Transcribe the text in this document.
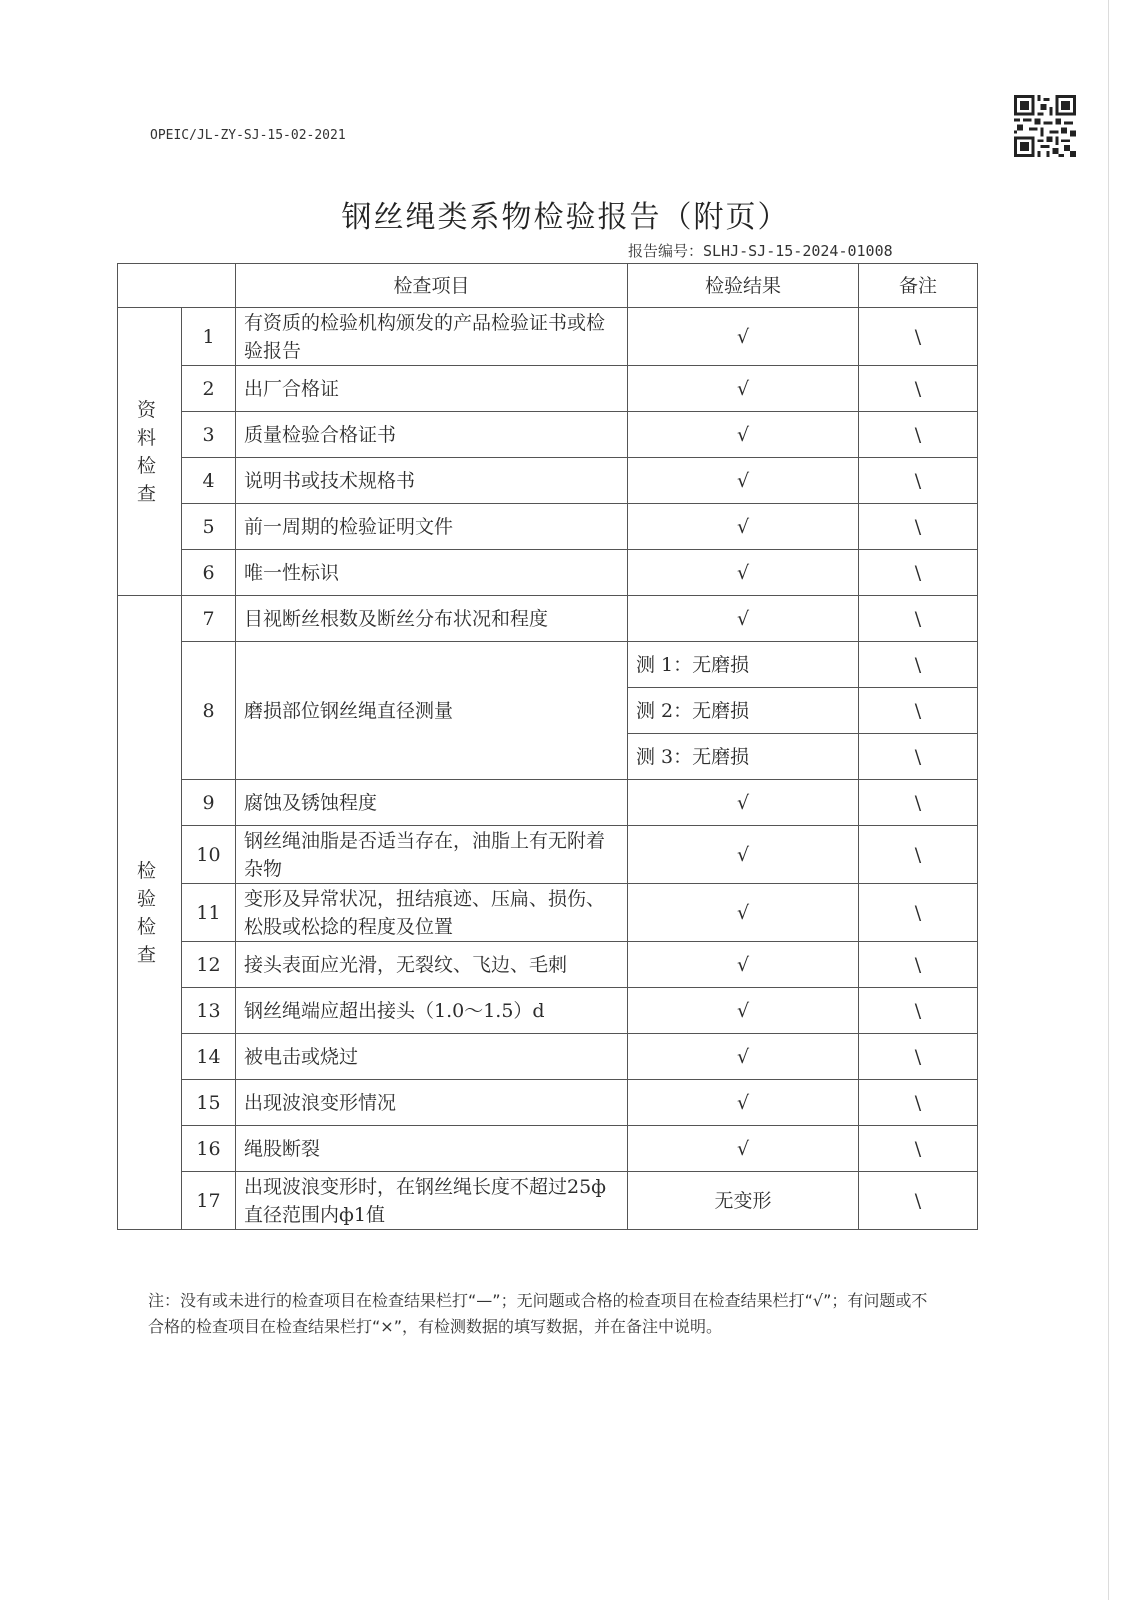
OPEIC/JL-ZY-SJ-15-02-2021
钢丝绳类系物检验报告（附页）
报告编号：SLHJ-SJ-15-2024-01008
		检查项目	检验结果	备注
资料检查	1	有资质的检验机构颁发的产品检验证书或检验报告	√	\
	2	出厂合格证	√	\
	3	质量检验合格证书	√	\
	4	说明书或技术规格书	√	\
	5	前一周期的检验证明文件	√	\
	6	唯一性标识	√	\
检验检查	7	目视断丝根数及断丝分布状况和程度	√	\
	8	磨损部位钢丝绳直径测量	测 1：无磨损	\
			测 2：无磨损	\
			测 3：无磨损	\
	9	腐蚀及锈蚀程度	√	\
	10	钢丝绳油脂是否适当存在，油脂上有无附着杂物	√	\
	11	变形及异常状况，扭结痕迹、压扁、损伤、松股或松捻的程度及位置	√	\
	12	接头表面应光滑，无裂纹、飞边、毛刺	√	\
	13	钢丝绳端应超出接头（1.0～1.5）d	√	\
	14	被电击或烧过	√	\
	15	出现波浪变形情况	√	\
	16	绳股断裂	√	\
	17	出现波浪变形时，在钢丝绳长度不超过25ф直径范围内ф1值	无变形	\
注：没有或未进行的检查项目在检查结果栏打“—”；无问题或合格的检查项目在检查结果栏打“√”；有问题或不合格的检查项目在检查结果栏打“×”，有检测数据的填写数据，并在备注中说明。
